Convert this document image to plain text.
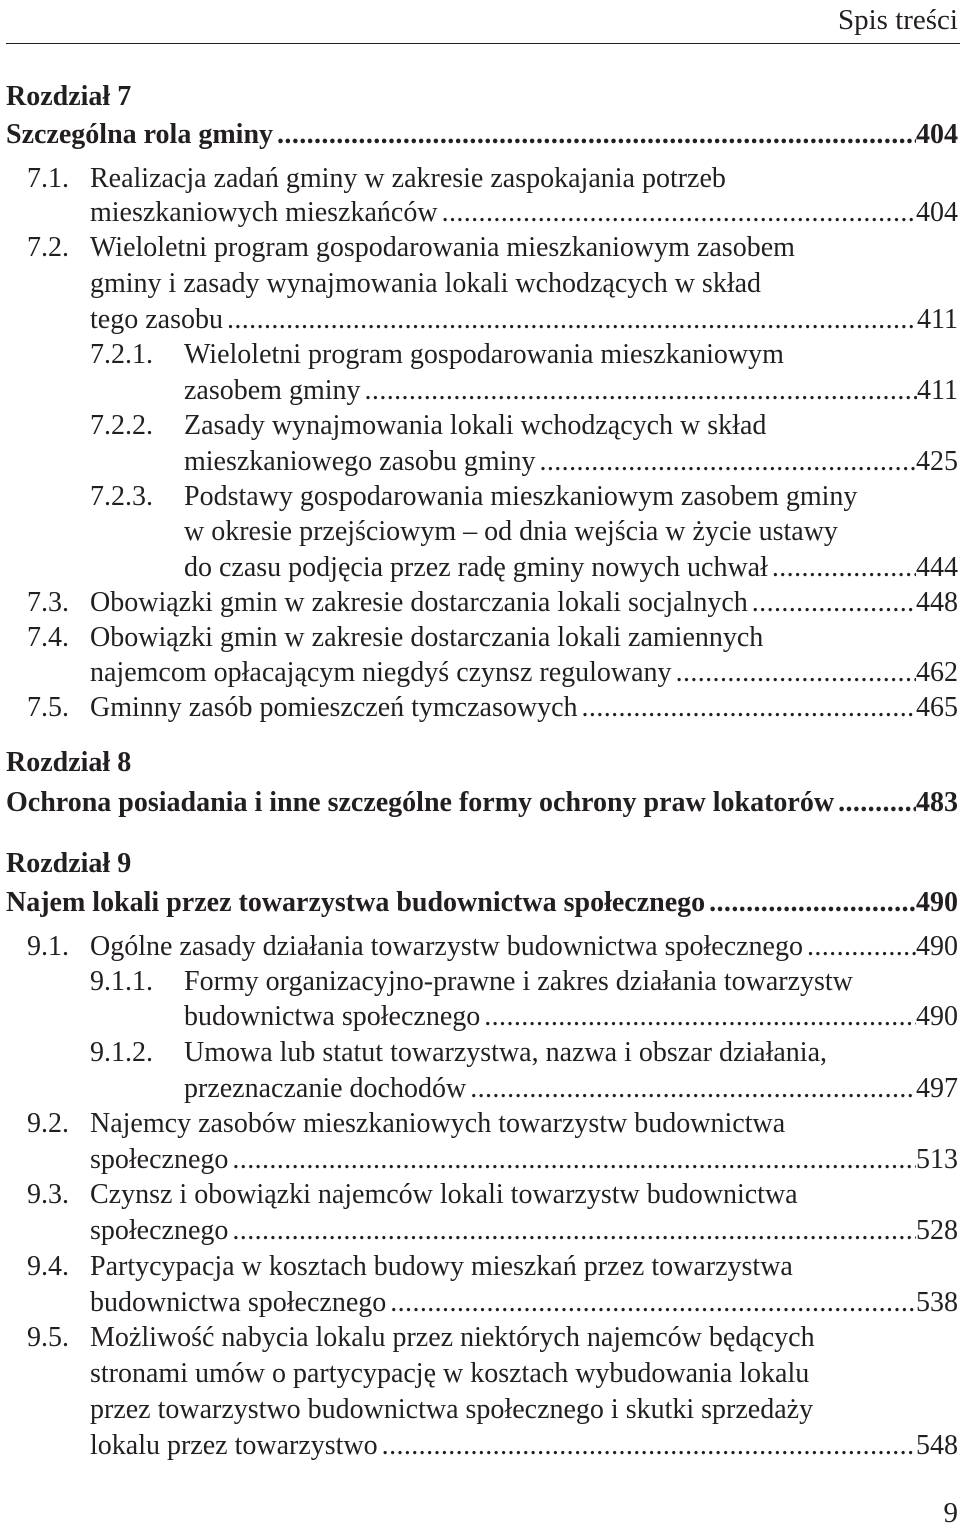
Spis treści
Rozdział 7
Szczególna rola gminy .....	404
7.1. Realizacja zadań gminy w zakresie zaspokajania potrzeb
mieszkaniowych mieszkańców .....	404
7.2. Wieloletni program gospodarowania mieszkaniowym zasobem
gminy i zasady wynajmowania lokali wchodzących w skład
tego zasobu .....	411
7.2.1. Wieloletni program gospodarowania mieszkaniowym
zasobem gminy .....	411
7.2.2. Zasady wynajmowania lokali wchodzących w skład
mieszkaniowego zasobu gminy .....	425
7.2.3. Podstawy gospodarowania mieszkaniowym zasobem gminy
w okresie przejściowym – od dnia wejścia w życie ustawy
do czasu podjęcia przez radę gminy nowych uchwał .....	444
7.3. Obowiązki gmin w zakresie dostarczania lokali socjalnych .....	448
7.4. Obowiązki gmin w zakresie dostarczania lokali zamiennych
najemcom opłacającym niegdyś czynsz regulowany .....	462
7.5. Gminny zasób pomieszczeń tymczasowych .....	465
Rozdział 8
Ochrona posiadania i inne szczególne formy ochrony praw lokatorów .....	483
Rozdział 9
Najem lokali przez towarzystwa budownictwa społecznego .....	490
9.1. Ogólne zasady działania towarzystw budownictwa społecznego .....	490
9.1.1. Formy organizacyjno-prawne i zakres działania towarzystw
budownictwa społecznego .....	490
9.1.2. Umowa lub statut towarzystwa, nazwa i obszar działania,
przeznaczanie dochodów .....	497
9.2. Najemcy zasobów mieszkaniowych towarzystw budownictwa
społecznego .....	513
9.3. Czynsz i obowiązki najemców lokali towarzystw budownictwa
społecznego .....	528
9.4. Partycypacja w kosztach budowy mieszkań przez towarzystwa
budownictwa społecznego .....	538
9.5. Możliwość nabycia lokalu przez niektórych najemców będących
stronami umów o partycypację w kosztach wybudowania lokalu
przez towarzystwo budownictwa społecznego i skutki sprzedaży
lokalu przez towarzystwo .....	548
9
